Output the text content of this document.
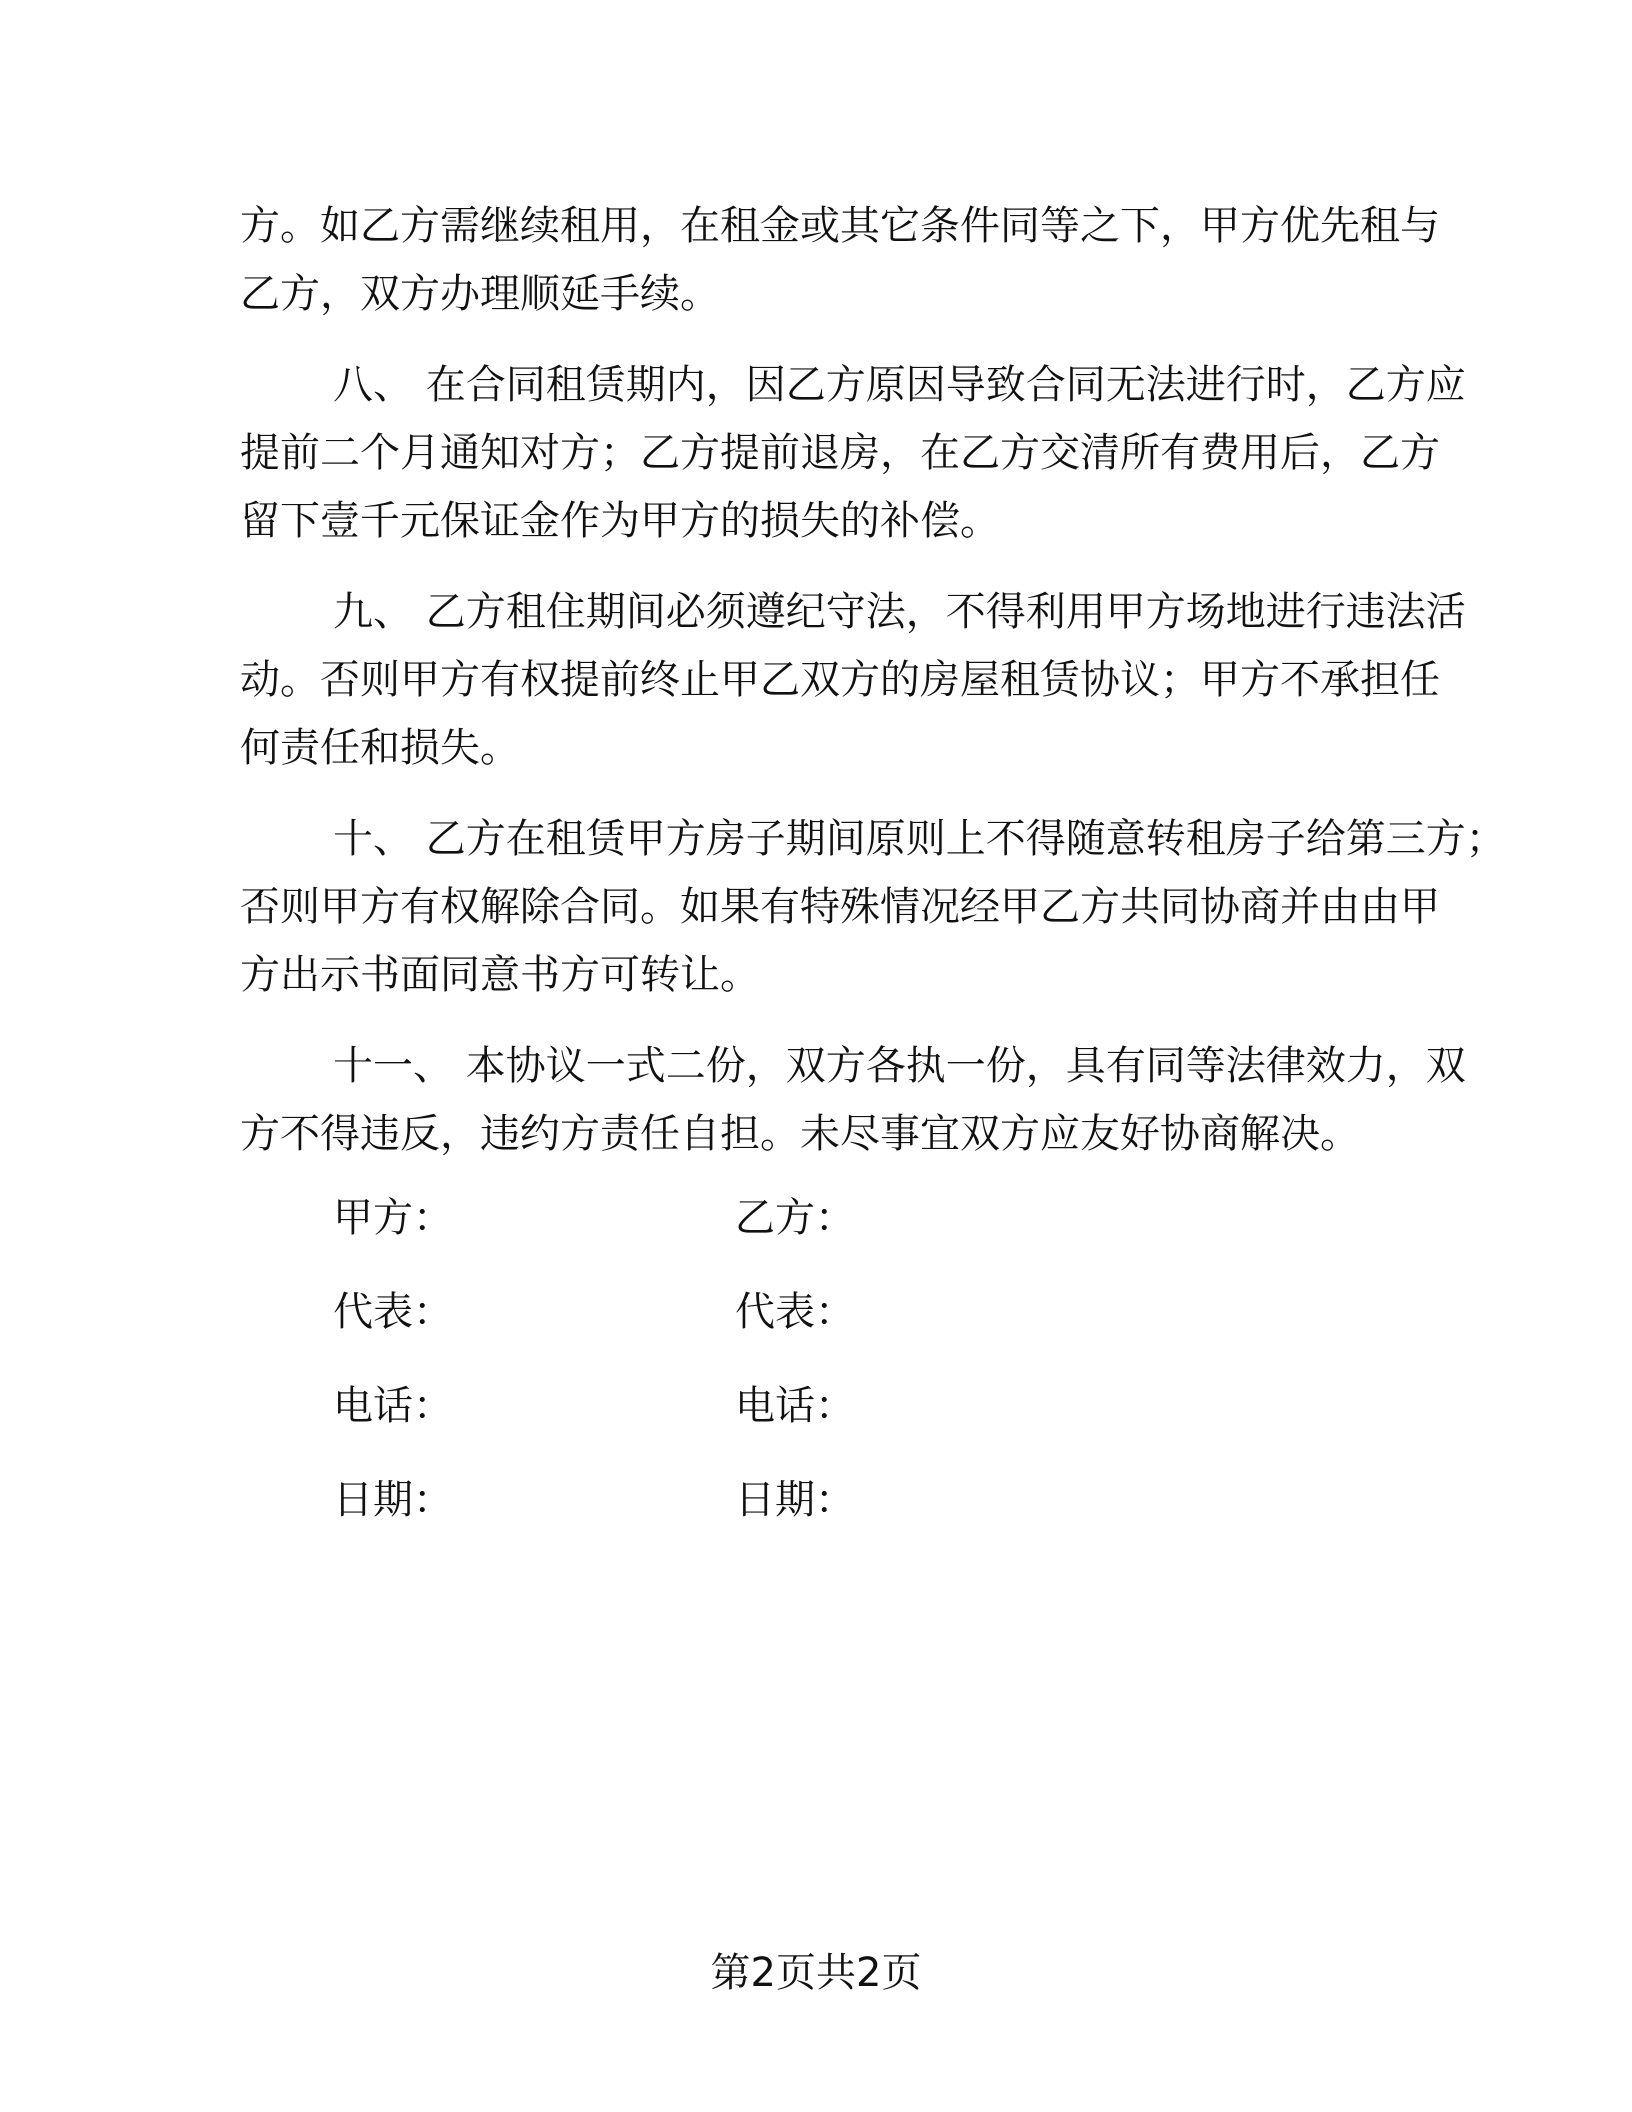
方。如乙方需继续租用，在租金或其它条件同等之下，甲方优先租与
乙方，双方办理顺延手续。
八、 在合同租赁期内，因乙方原因导致合同无法进行时，乙方应
提前二个月通知对方；乙方提前退房，在乙方交清所有费用后，乙方
留下壹千元保证金作为甲方的损失的补偿。
九、 乙方租住期间必须遵纪守法，不得利用甲方场地进行违法活
动。否则甲方有权提前终止甲乙双方的房屋租赁协议；甲方不承担任
何责任和损失。
十、 乙方在租赁甲方房子期间原则上不得随意转租房子给第三方；
否则甲方有权解除合同。如果有特殊情况经甲乙方共同协商并由由甲
方出示书面同意书方可转让。
十一、 本协议一式二份，双方各执一份，具有同等法律效力，双
方不得违反，违约方责任自担。未尽事宜双方应友好协商解决。
甲方：	乙方：
代表：	代表：
电话：	电话：
日期：	日期：
第2页共2页
